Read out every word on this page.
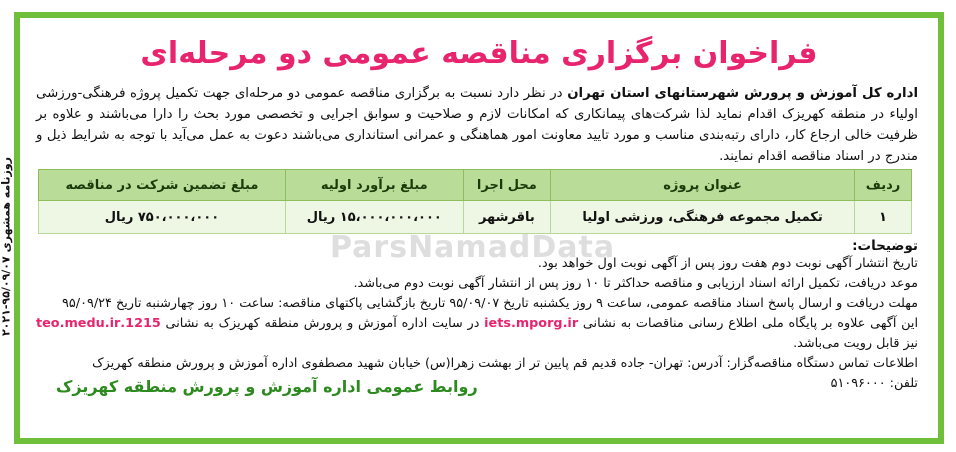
فراخوان برگزاری مناقصه عمومی دو مرحله‌ای
اداره کل آموزش و پرورش شهرستانهای استان تهران در نظر دارد نسبت به برگزاری مناقصه عمومی دو مرحله‌ای جهت تکمیل پروژه فرهنگی-ورزشی اولیاء در منطقه کهریزک اقدام نماید لذا شرکت‌های پیمانکاری که امکانات لازم و صلاحیت و سوابق اجرایی و تخصصی مورد بحث را دارا می‌باشند و علاوه بر ظرفیت خالی ارجاع کار، دارای رتبه‌بندی مناسب و مورد تایید معاونت امور هماهنگی و عمرانی استانداری می‌باشند دعوت به عمل می‌آید با توجه به شرایط ذیل و مندرج در اسناد مناقصه اقدام نمایند.
ردیف	عنوان پروژه	محل اجرا	مبلغ برآورد اولیه	مبلغ تضمین شرکت در مناقصه
۱	تکمیل مجموعه فرهنگی، ورزشی اولیا	باقرشهر	۱۵،۰۰۰،۰۰۰،۰۰۰ ریال	۷۵۰،۰۰۰،۰۰۰ ریال
توضیحات:
تاریخ انتشار آگهی نوبت دوم هفت روز پس از آگهی نوبت اول خواهد بود.
موعد دریافت، تکمیل ارائه اسناد ارزیابی و مناقصه حداکثر تا ۱۰ روز پس از انتشار آگهی نوبت دوم می‌باشد.
مهلت دریافت و ارسال پاسخ اسناد مناقصه عمومی، ساعت ۹ روز یکشنبه تاریخ ۹۵/۰۹/۰۷ تاریخ بازگشایی پاکتهای مناقصه: ساعت ۱۰ روز چهارشنبه تاریخ ۹۵/۰۹/۲۴
این آگهی علاوه بر پایگاه ملی اطلاع رسانی مناقصات به نشانی iets.mporg.ir در سایت اداره آموزش و پرورش منطقه کهریزک به نشانی 1215.teo.medu.ir نیز قابل رویت می‌باشد.
اطلاعات تماس دستگاه مناقصه‌گزار: آدرس: تهران- جاده قدیم قم پایین تر از بهشت زهرا(س) خیابان شهید مصطفوی اداره آموزش و پرورش منطقه کهریزک
تلفن: ۵۱۰۹۶۰۰۰
روابط عمومی اداره آموزش و پرورش منطقه کهریزک
ParsNamadData
روزنامه همشهری ۹۵/۰۹/۰۷-۲۰۲۱
